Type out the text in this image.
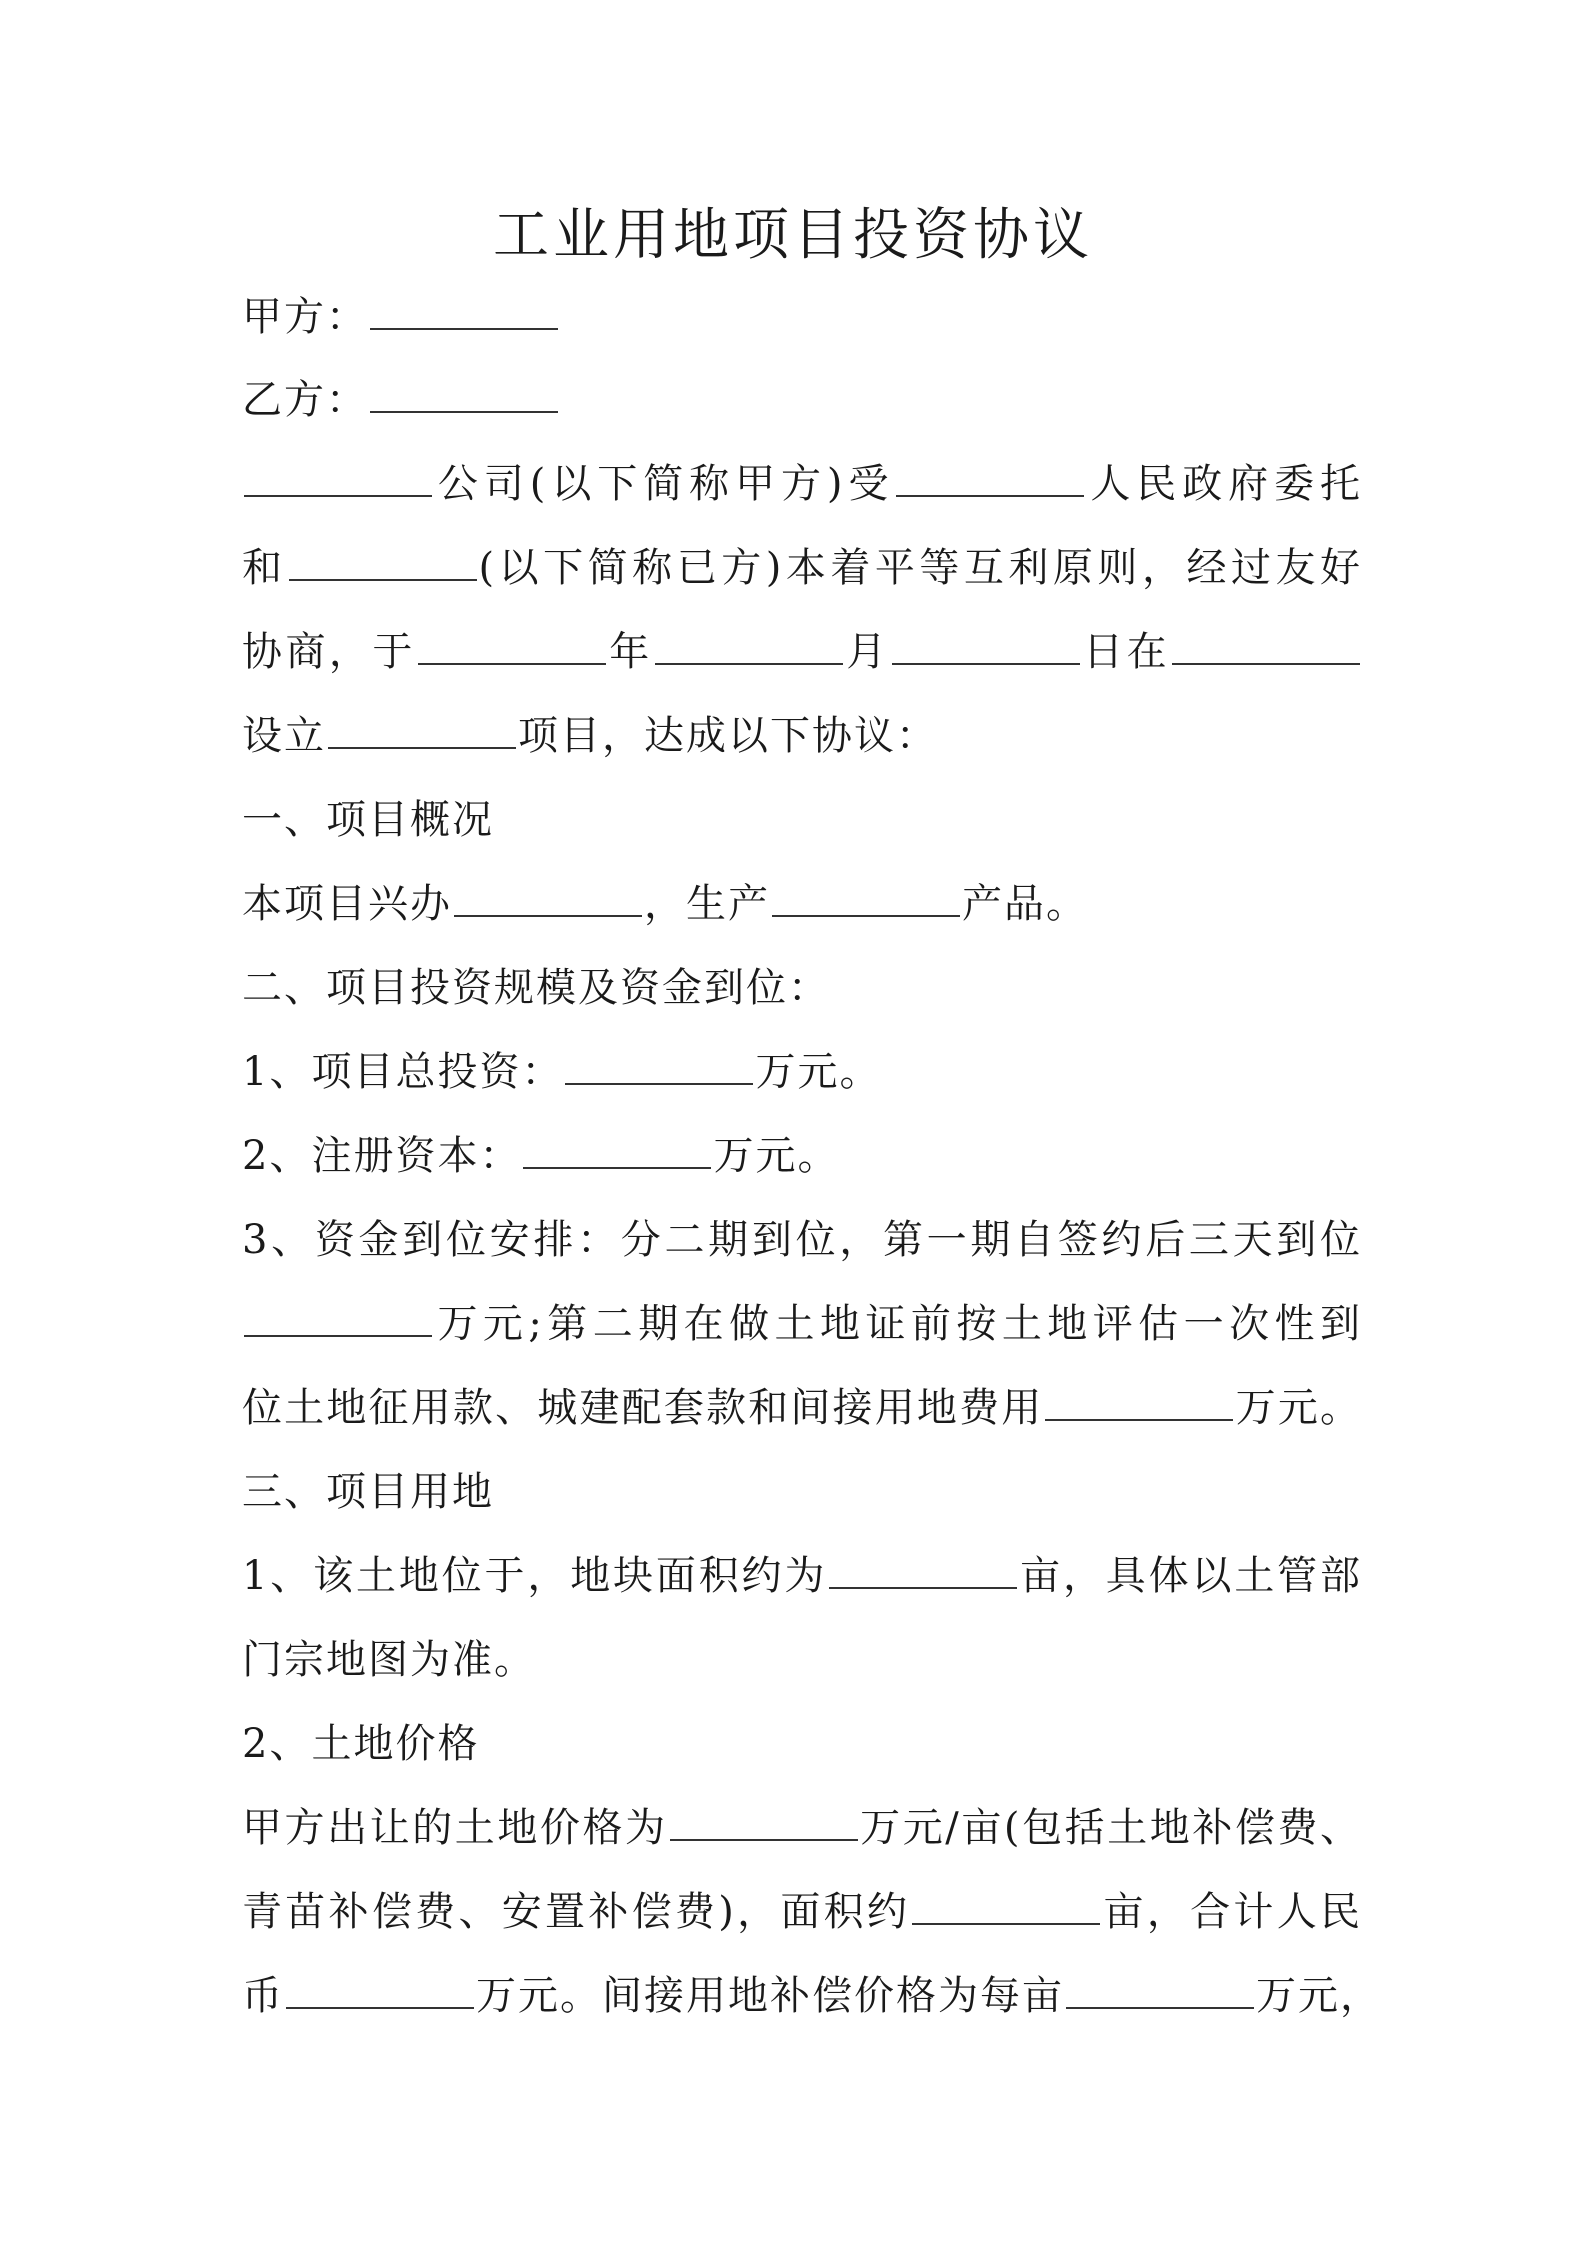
工业用地项目投资协议
甲方：
乙方：
公司(以下简称甲方)受	人民政府委托
和	(以下简称已方)本着平等互利原则，经过友好
协商，于	年	月	日在
设立	项目，达成以下协议：
一、项目概况
本项目兴办	，生产	产品。
二、项目投资规模及资金到位：
1、项目总投资：	万元。
2、注册资本：	万元。
3、资金到位安排：分二期到位，第一期自签约后三天到位
万元;第二期在做土地证前按土地评估一次性到
位土地征用款、城建配套款和间接用地费用	万元。
三、项目用地
1、该土地位于，地块面积约为	亩，具体以土管部
门宗地图为准。
2、土地价格
甲方出让的土地价格为	万元/亩(包括土地补偿费、
青苗补偿费、安置补偿费)，面积约	亩，合计人民
币	万元。间接用地补偿价格为每亩	万元，
